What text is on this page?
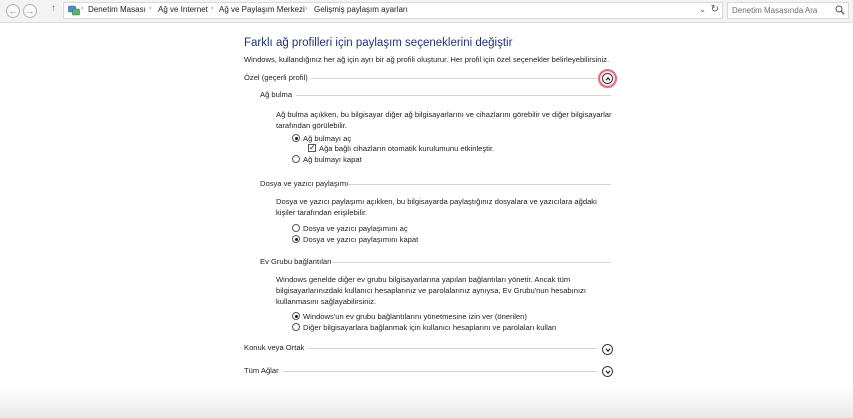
← → ↑	› Denetim Masası › Ağ ve Internet › Ağ ve Paylaşım Merkezi › Gelişmiş paylaşım ayarları	⌄ ↻
Denetim Masasında Ara
Farklı ağ profilleri için paylaşım seçeneklerini değiştir
Windows, kullandığınız her ağ için ayrı bir ağ profili oluşturur. Her profil için özel seçenekler belirleyebilirsiniz.
Özel (geçerli profil)
Ağ bulma
Ağ bulma açıkken, bu bilgisayar diğer ağ bilgisayarlarını ve cihazlarını görebilir ve diğer bilgisayarlar tarafından görülebilir.
Ağ bulmayı aç
✓ Ağa bağlı cihazların otomatik kurulumunu etkinleştir.
Ağ bulmayı kapat
Dosya ve yazıcı paylaşımı
Dosya ve yazıcı paylaşımı açıkken, bu bilgisayarda paylaştığınız dosyalara ve yazıcılara ağdaki kişiler tarafından erişilebilir.
Dosya ve yazıcı paylaşımını aç
Dosya ve yazıcı paylaşımını kapat
Ev Grubu bağlantıları
Windows genelde diğer ev grubu bilgisayarlarına yapılan bağlantıları yönetir. Ancak tüm bilgisayarlarınızdaki kullanıcı hesaplarınız ve parolalarınız aynıysa, Ev Grubu'nun hesabınızı kullanmasını sağlayabilirsiniz.
Windows'un ev grubu bağlantılarını yönetmesine izin ver (önerilen)
Diğer bilgisayarlara bağlanmak için kullanıcı hesaplarını ve parolaları kullan
Konuk veya Ortak
Tüm Ağlar
